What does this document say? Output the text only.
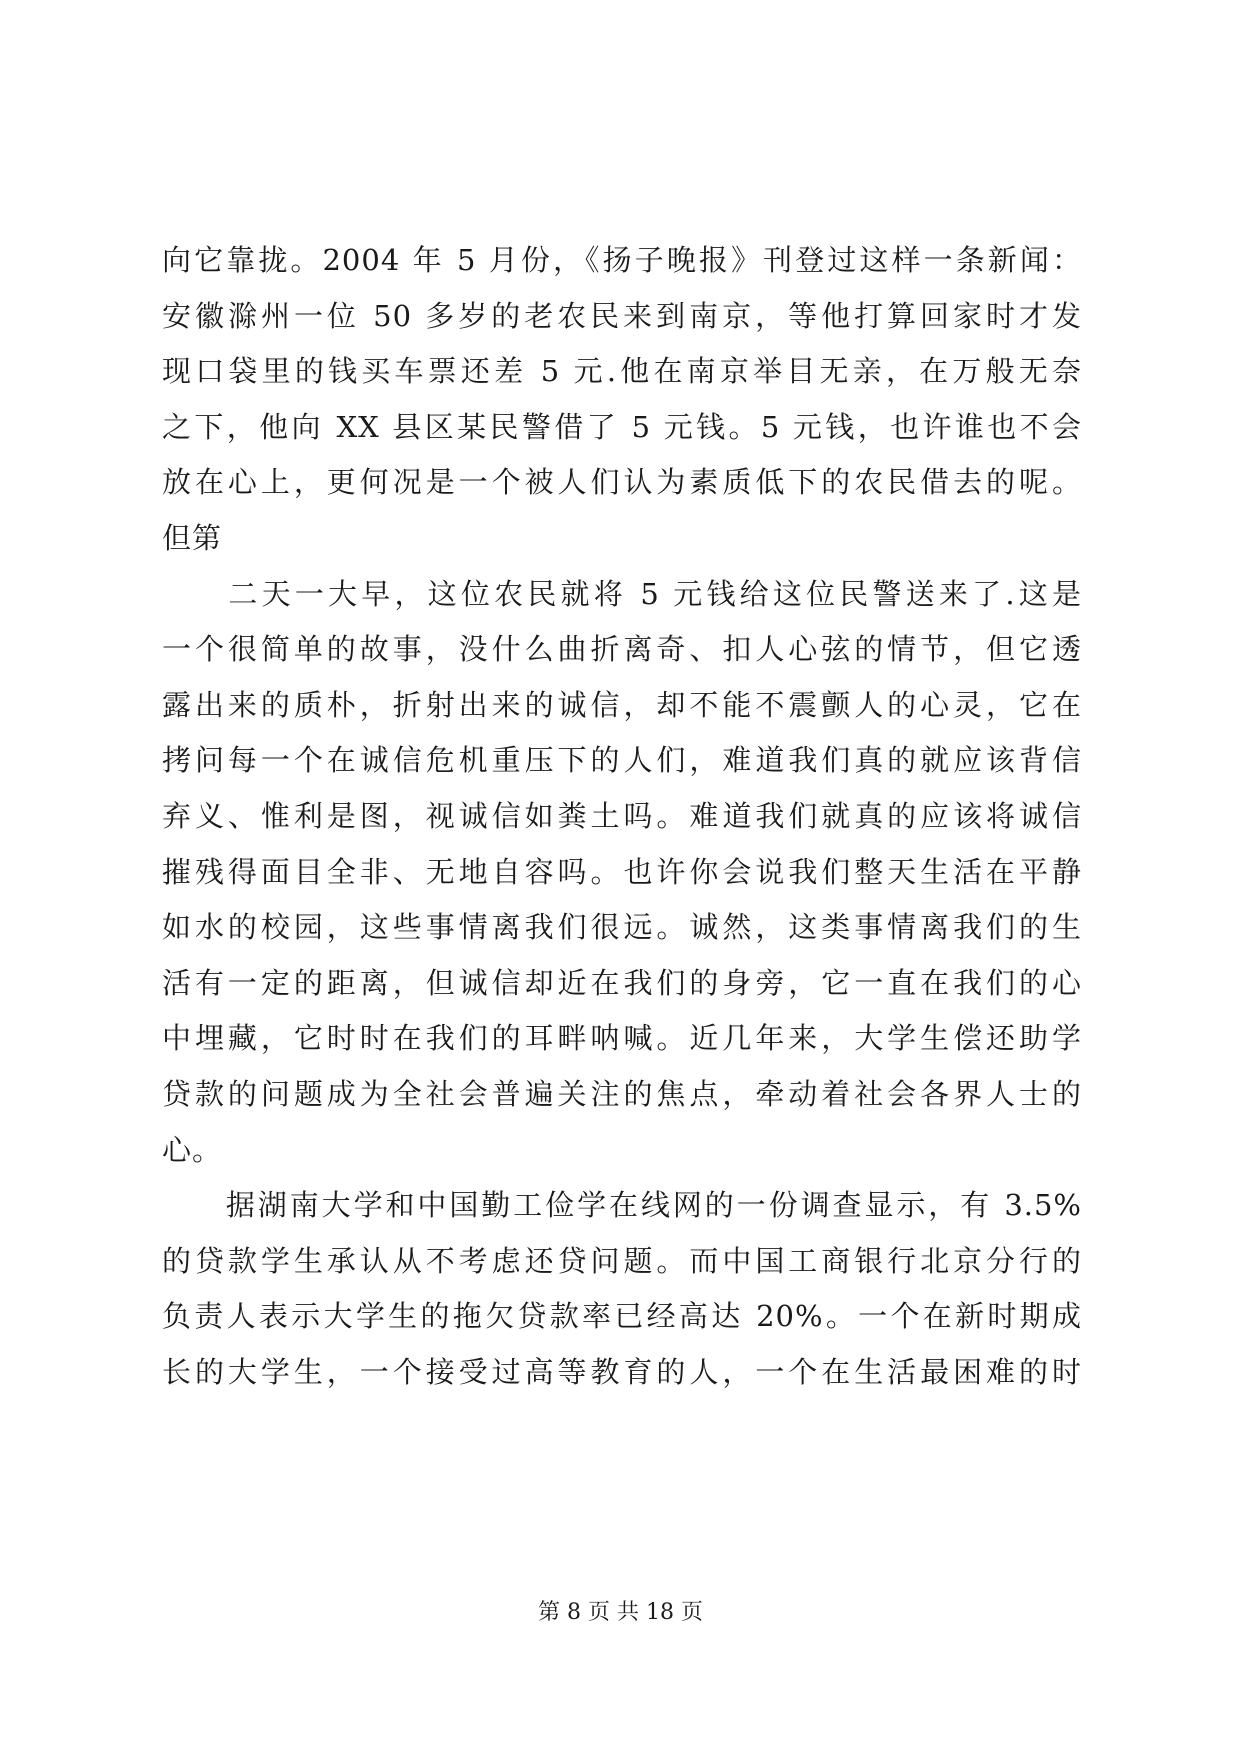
向它靠拢。2004 年 5 月份，《扬子晚报》刊登过这样一条新闻：
安徽滁州一位 50 多岁的老农民来到南京，等他打算回家时才发
现口袋里的钱买车票还差 5 元.他在南京举目无亲，在万般无奈
之下，他向 XX 县区某民警借了 5 元钱。5 元钱，也许谁也不会
放在心上，更何况是一个被人们认为素质低下的农民借去的呢。
但第
　　二天一大早，这位农民就将 5 元钱给这位民警送来了.这是
一个很简单的故事，没什么曲折离奇、扣人心弦的情节，但它透
露出来的质朴，折射出来的诚信，却不能不震颤人的心灵，它在
拷问每一个在诚信危机重压下的人们，难道我们真的就应该背信
弃义、惟利是图，视诚信如粪土吗。难道我们就真的应该将诚信
摧残得面目全非、无地自容吗。也许你会说我们整天生活在平静
如水的校园，这些事情离我们很远。诚然，这类事情离我们的生
活有一定的距离，但诚信却近在我们的身旁，它一直在我们的心
中埋藏，它时时在我们的耳畔呐喊。近几年来，大学生偿还助学
贷款的问题成为全社会普遍关注的焦点，牵动着社会各界人士的
心。
　　据湖南大学和中国勤工俭学在线网的一份调查显示，有 3.5%
的贷款学生承认从不考虑还贷问题。而中国工商银行北京分行的
负责人表示大学生的拖欠贷款率已经高达 20%。一个在新时期成
长的大学生，一个接受过高等教育的人，一个在生活最困难的时
第 8 页 共 18 页
